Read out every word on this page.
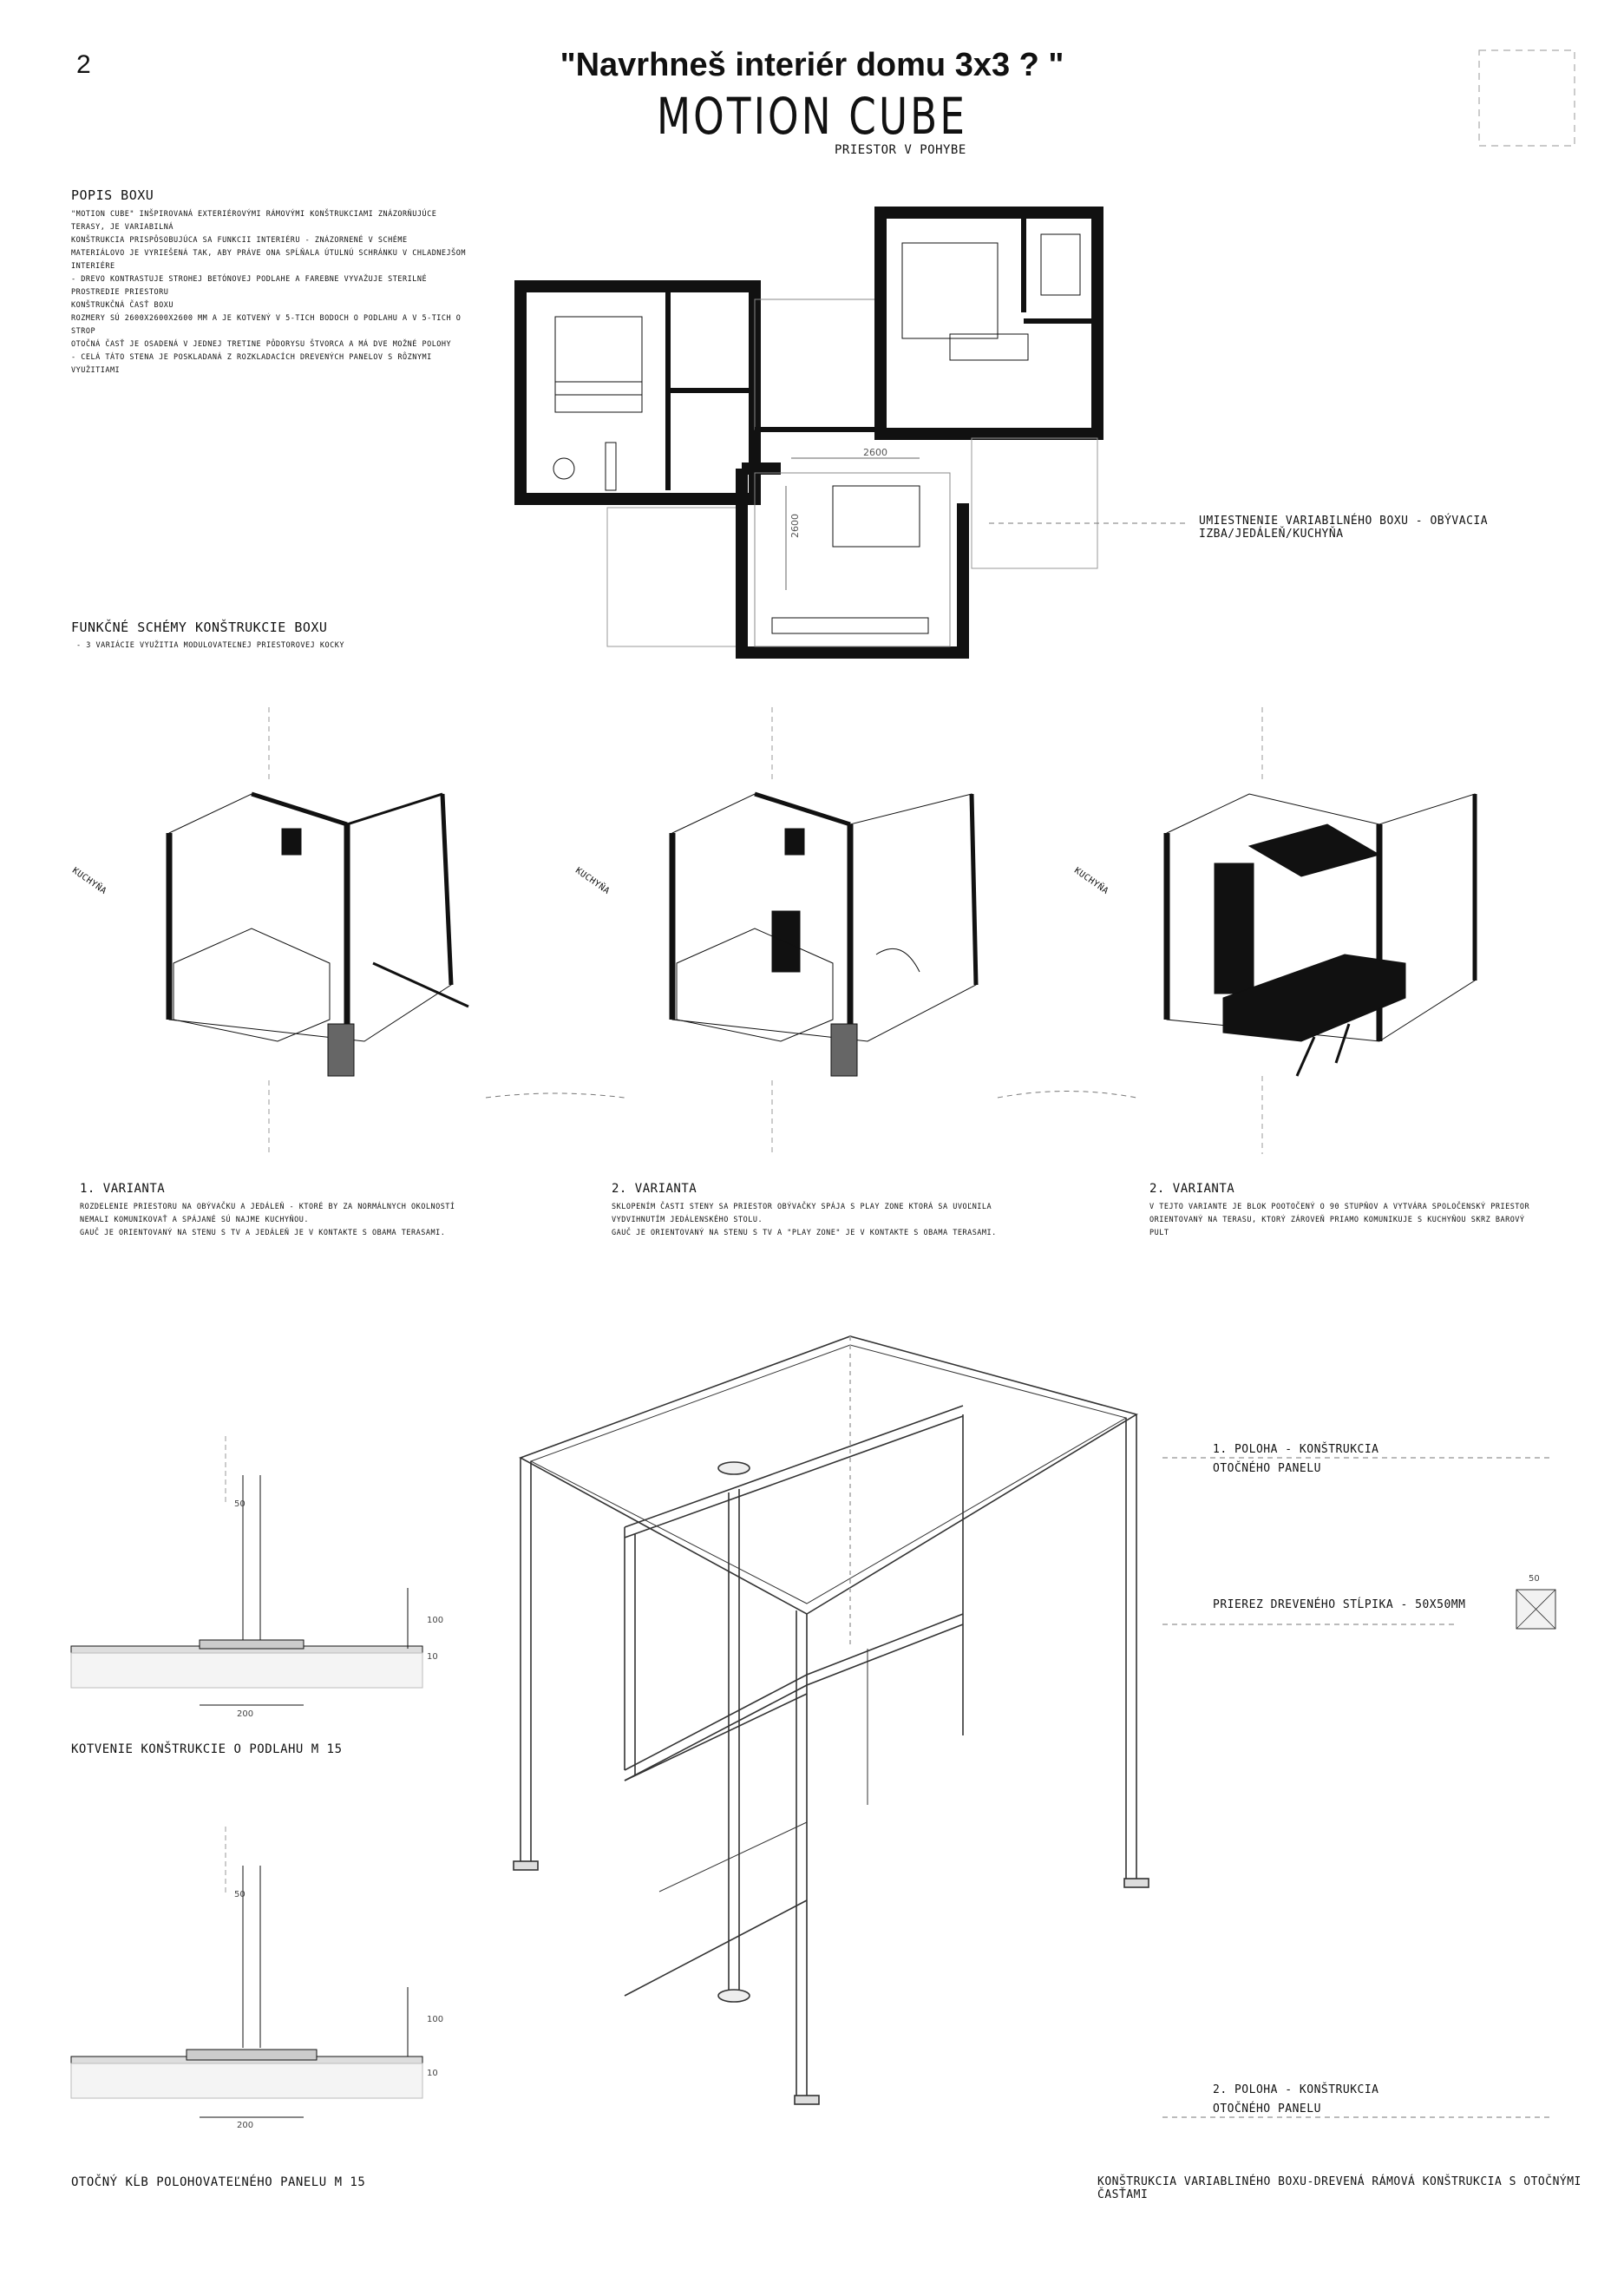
2	"Navrhneš interiér domu 3x3 ? "
MOTION CUBE
PRIESTOR V POHYBE
POPIS BOXU
"MOTION CUBE" INŠPIROVANÁ EXTERIÉROVÝMI RÁMOVÝMI KONŠTRUKCIAMI ZNÁZORŇUJÚCE TERASY, JE VARIABILNÁ
KONŠTRUKCIA PRISPÔSOBUJÚCA SA FUNKCII INTERIÉRU - ZNÁZORNENÉ V SCHÉME
MATERIÁLOVO JE VYRIEŠENÁ TAK, ABY PRÁVE ONA SPĹŇALA ÚTULNÚ SCHRÁNKU V CHLADNEJŠOM INTERIÉRE
- DREVO KONTRASTUJE STROHEJ BETÓNOVEJ PODLAHE A FAREBNE VYVAŽUJE STERILNÉ PROSTREDIE PRIESTORU
KONŠTRUKČNÁ ČASŤ BOXU
ROZMERY SÚ 2600X2600X2600 MM A JE KOTVENÝ V 5-TICH BODOCH O PODLAHU A V 5-TICH O STROP
OTOČNÁ ČASŤ JE OSADENÁ V JEDNEJ TRETINE PÔDORYSU ŠTVORCA A MÁ DVE MOŽNÉ POLOHY
- CELÁ TÁTO STENA JE POSKLADANÁ Z ROZKLADACÍCH DREVENÝCH PANELOV S RÔZNYMI VYUŽITIAMI
2600
2600
50
100
10
200
50
100
10
200
50
UMIESTNENIE VARIABILNÉHO BOXU - OBÝVACIA IZBA/JEDÁLEŇ/KUCHYŇA
FUNKČNÉ SCHÉMY KONŠTRUKCIE BOXU
- 3 VARIÁCIE VYUŽITIA MODULOVATEĽNEJ PRIESTOROVEJ KOCKY
KUCHYŇA	KUCHYŇA	KUCHYŇA
1. VARIANTA
ROZDELENIE PRIESTORU NA OBÝVAČKU A JEDÁLEŇ - KTORÉ BY ZA NORMÁLNYCH OKOLNOSTÍ
NEMALI KOMUNIKOVAŤ A SPÁJANÉ SÚ NAJME KUCHYŇOU.
GAUČ JE ORIENTOVANÝ NA STENU S TV A JEDÁLEŇ JE V KONTAKTE S OBAMA TERASAMI.
2. VARIANTA
SKLOPENÍM ČASTI STENY SA PRIESTOR OBÝVAČKY SPÁJA S PLAY ZONE KTORÁ SA UVOĽNILA
VYDVIHNUTÍM JEDÁLENSKÉHO STOLU.
GAUČ JE ORIENTOVANÝ NA STENU S TV A "PLAY ZONE" JE V KONTAKTE S OBAMA TERASAMI.
2. VARIANTA
V TEJTO VARIANTE JE BLOK POOTOČENÝ O 90 STUPŇOV A VYTVÁRA SPOLOČENSKÝ PRIESTOR
ORIENTOVANÝ NA TERASU, KTORÝ ZÁROVEŇ PRIAMO KOMUNIKUJE S KUCHYŇOU SKRZ BAROVÝ
PULT
KOTVENIE KONŠTRUKCIE O PODLAHU M 15
OTOČNÝ KĹB POLOHOVATEĽNÉHO PANELU M 15
1. POLOHA - KONŠTRUKCIA OTOČNÉHO PANELU
PRIEREZ DREVENÉHO STĹPIKA - 50X50MM
2. POLOHA - KONŠTRUKCIA OTOČNÉHO PANELU
KONŠTRUKCIA VARIABLINÉHO BOXU-DREVENÁ RÁMOVÁ KONŠTRUKCIA S OTOČNÝMI ČASŤAMI
